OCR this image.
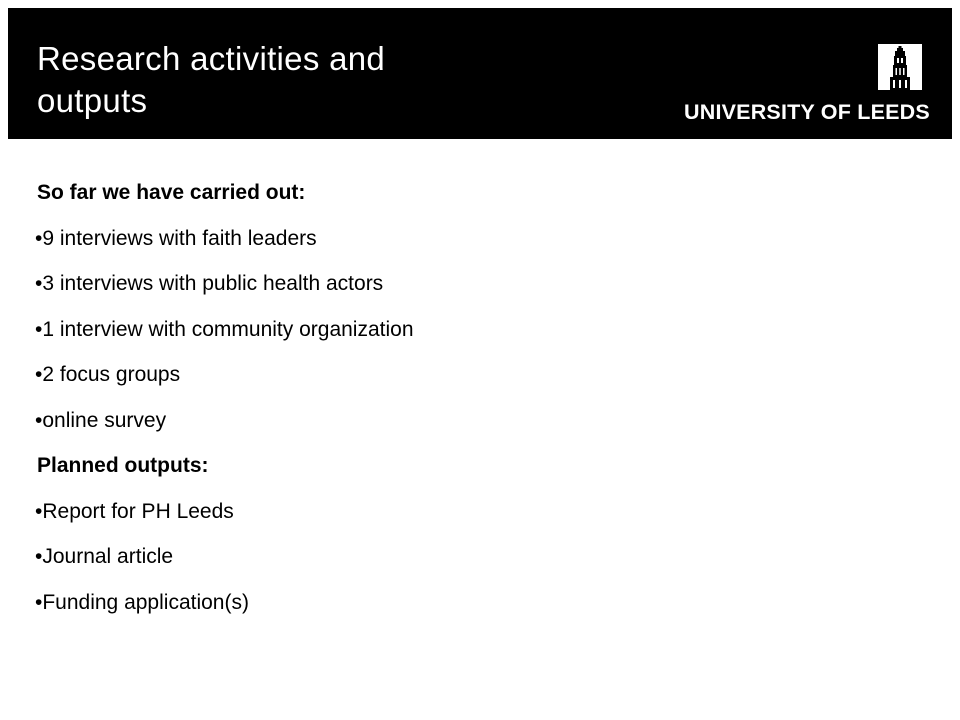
Research activities and
outputs	UNIVERSITY OF LEEDS
So far we have carried out:
•9 interviews with faith leaders
•3 interviews with public health actors
•1 interview with community organization
•2 focus groups
•online survey
Planned outputs:
•Report for PH Leeds
•Journal article
•Funding application(s)
